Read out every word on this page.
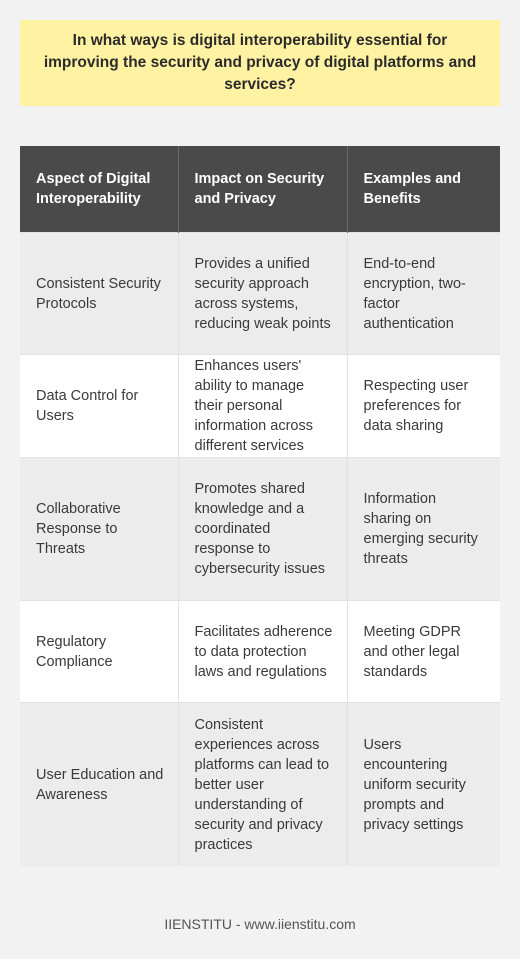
In what ways is digital interoperability essential for improving the security and privacy of digital platforms and services?
Aspect of Digital Interoperability	Impact on Security and Privacy	Examples and Benefits
Consistent Security Protocols	Provides a unified security approach across systems, reducing weak points	End-to-end encryption, two-factor authentication
Data Control for Users	Enhances users' ability to manage their personal information across different services	Respecting user preferences for data sharing
Collaborative Response to Threats	Promotes shared knowledge and a coordinated response to cybersecurity issues	Information sharing on emerging security threats
Regulatory Compliance	Facilitates adherence to data protection laws and regulations	Meeting GDPR and other legal standards
User Education and Awareness	Consistent experiences across platforms can lead to better user understanding of security and privacy practices	Users encountering uniform security prompts and privacy settings
IIENSTITU - www.iienstitu.com
